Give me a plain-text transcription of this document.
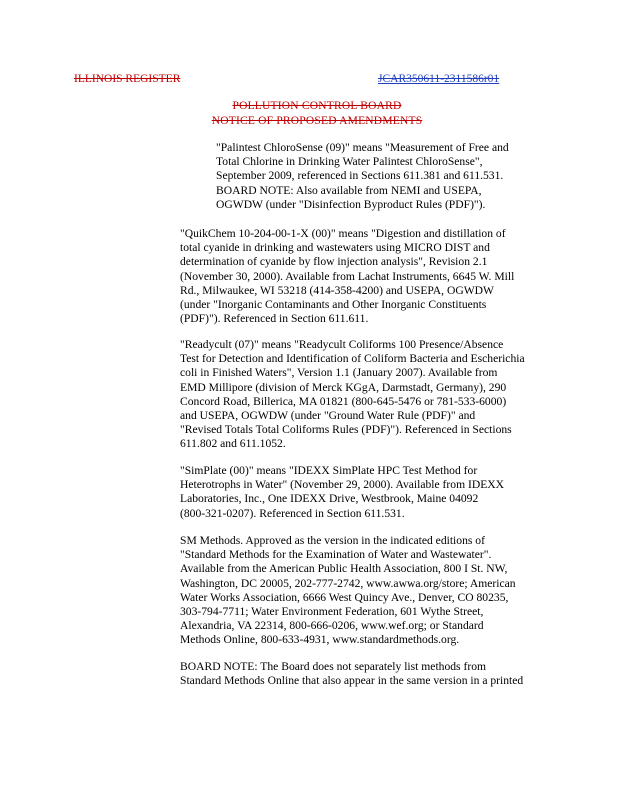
ILLINOIS REGISTER	JCAR350611-2311586r01
POLLUTION CONTROL BOARD
NOTICE OF PROPOSED AMENDMENTS
"Palintest ChloroSense (09)" means "Measurement of Free and
Total Chlorine in Drinking Water Palintest ChloroSense",
September 2009, referenced in Sections 611.381 and 611.531.
BOARD NOTE: Also available from NEMI and USEPA,
OGWDW (under "Disinfection Byproduct Rules (PDF)").
"QuikChem 10-204-00-1-X (00)" means "Digestion and distillation of
total cyanide in drinking and wastewaters using MICRO DIST and
determination of cyanide by flow injection analysis", Revision 2.1
(November 30, 2000). Available from Lachat Instruments, 6645 W. Mill
Rd., Milwaukee, WI 53218 (414-358-4200) and USEPA, OGWDW
(under "Inorganic Contaminants and Other Inorganic Constituents
(PDF)"). Referenced in Section 611.611.
"Readycult (07)" means "Readycult Coliforms 100 Presence/Absence
Test for Detection and Identification of Coliform Bacteria and Escherichia
coli in Finished Waters", Version 1.1 (January 2007). Available from
EMD Millipore (division of Merck KGgA, Darmstadt, Germany), 290
Concord Road, Billerica, MA 01821 (800-645-5476 or 781-533-6000)
and USEPA, OGWDW (under "Ground Water Rule (PDF)" and
"Revised Totals Total Coliforms Rules (PDF)"). Referenced in Sections
611.802 and 611.1052.
"SimPlate (00)" means "IDEXX SimPlate HPC Test Method for
Heterotrophs in Water" (November 29, 2000). Available from IDEXX
Laboratories, Inc., One IDEXX Drive, Westbrook, Maine 04092
(800-321-0207). Referenced in Section 611.531.
SM Methods. Approved as the version in the indicated editions of
"Standard Methods for the Examination of Water and Wastewater".
Available from the American Public Health Association, 800 I St. NW,
Washington, DC 20005, 202-777-2742, www.awwa.org/store; American
Water Works Association, 6666 West Quincy Ave., Denver, CO 80235,
303-794-7711; Water Environment Federation, 601 Wythe Street,
Alexandria, VA 22314, 800-666-0206, www.wef.org; or Standard
Methods Online, 800-633-4931, www.standardmethods.org.
BOARD NOTE: The Board does not separately list methods from
Standard Methods Online that also appear in the same version in a printed
